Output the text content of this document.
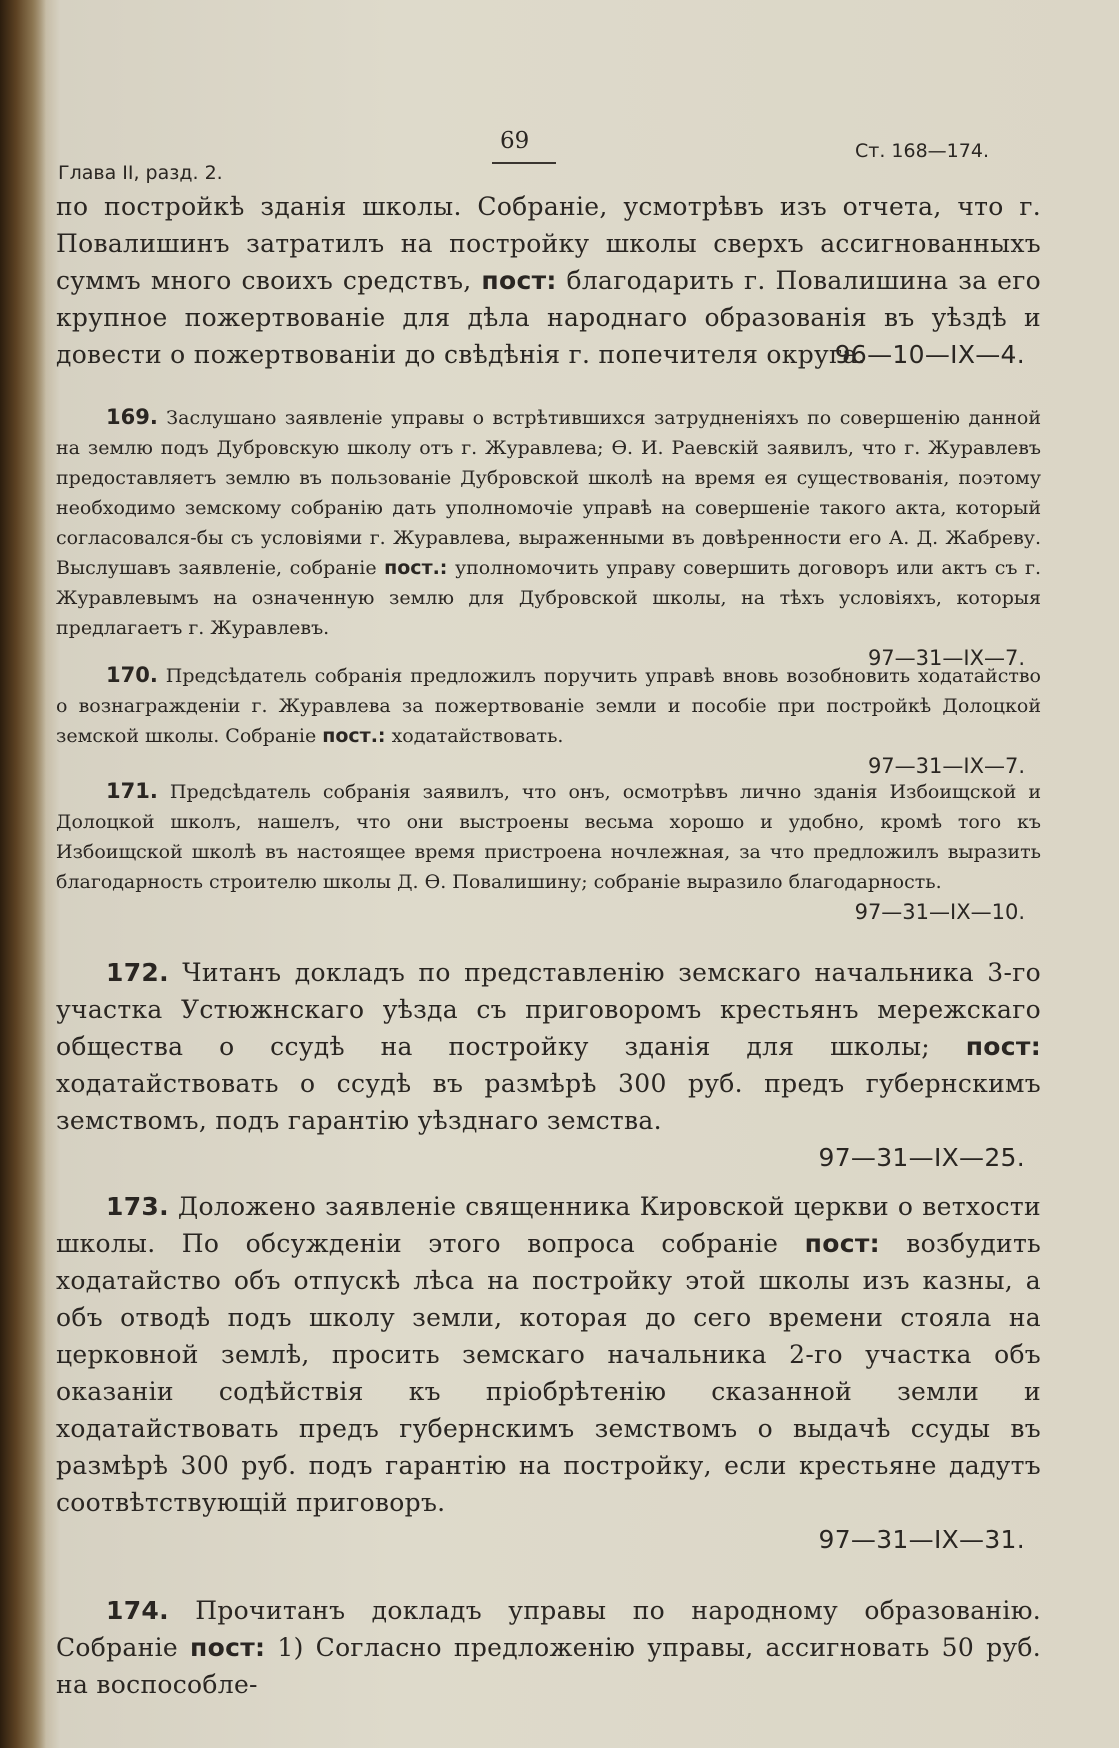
Глава II, разд. 2.
69	Ст. 168—174.
по постройкѣ зданія школы. Собраніе, усмотрѣвъ изъ отчета, что г. Повалишинъ затратилъ на постройку школы сверхъ ассигнованныхъ суммъ много своихъ средствъ, пост: благодарить г. Повалишина за его крупное пожертвованіе для дѣла народнаго образованія въ уѣздѣ и довести о пожертвованіи до свѣдѣнія г. попечителя округа.
96—10—IX—4.
169. Заслушано заявленіе управы о встрѣтившихся затрудненіяхъ по совершенію данной на землю подъ Дубровскую школу отъ г. Журавлева; Ѳ. И. Раевскій заявилъ, что г. Журавлевъ предоставляетъ землю въ пользованіе Дубровской школѣ на время ея существованія, поэтому необходимо земскому собранію дать уполномочіе управѣ на совершеніе такого акта, который согласовался-бы съ условіями г. Журавлева, выраженными въ довѣренности его А. Д. Жабреву. Выслушавъ заявленіе, собраніе пост.: уполномочить управу совершить договоръ или актъ съ г. Журавлевымъ на означенную землю для Дубровской школы, на тѣхъ условіяхъ, которыя предлагаетъ г. Журавлевъ.
97—31—IX—7.
170. Предсѣдатель собранія предложилъ поручить управѣ вновь возобновить ходатайство о вознагражденіи г. Журавлева за пожертвованіе земли и пособіе при постройкѣ Долоцкой земской школы. Собраніе пост.: ходатайствовать.
97—31—IX—7.
171. Предсѣдатель собранія заявилъ, что онъ, осмотрѣвъ лично зданія Избоищской и Долоцкой школъ, нашелъ, что они выстроены весьма хорошо и удобно, кромѣ того къ Избоищской школѣ въ настоящее время пристроена ночлежная, за что предложилъ выразить благодарность строителю школы Д. Ѳ. Повалишину; собраніе выразило благодарность.
97—31—IX—10.
172. Читанъ докладъ по представленію земскаго начальника 3-го участка Устюжнскаго уѣзда съ приговоромъ крестьянъ мережскаго общества о ссудѣ на постройку зданія для школы; пост: ходатайствовать о ссудѣ въ размѣрѣ 300 руб. предъ губернскимъ земствомъ, подъ гарантію уѣзднаго земства.
97—31—IX—25.
173. Доложено заявленіе священника Кировской церкви о ветхости школы. По обсужденіи этого вопроса собраніе пост: возбудить ходатайство объ отпускѣ лѣса на постройку этой школы изъ казны, а объ отводѣ подъ школу земли, которая до сего времени стояла на церковной землѣ, просить земскаго начальника 2-го участка объ оказаніи содѣйствія къ пріобрѣтенію сказанной земли и ходатайствовать предъ губернскимъ земствомъ о выдачѣ ссуды въ размѣрѣ 300 руб. подъ гарантію на постройку, если крестьяне дадутъ соотвѣтствующій приговоръ.
97—31—IX—31.
174. Прочитанъ докладъ управы по народному образованію. Собраніе пост: 1) Согласно предложенію управы, ассигновать 50 руб. на воспособле-
